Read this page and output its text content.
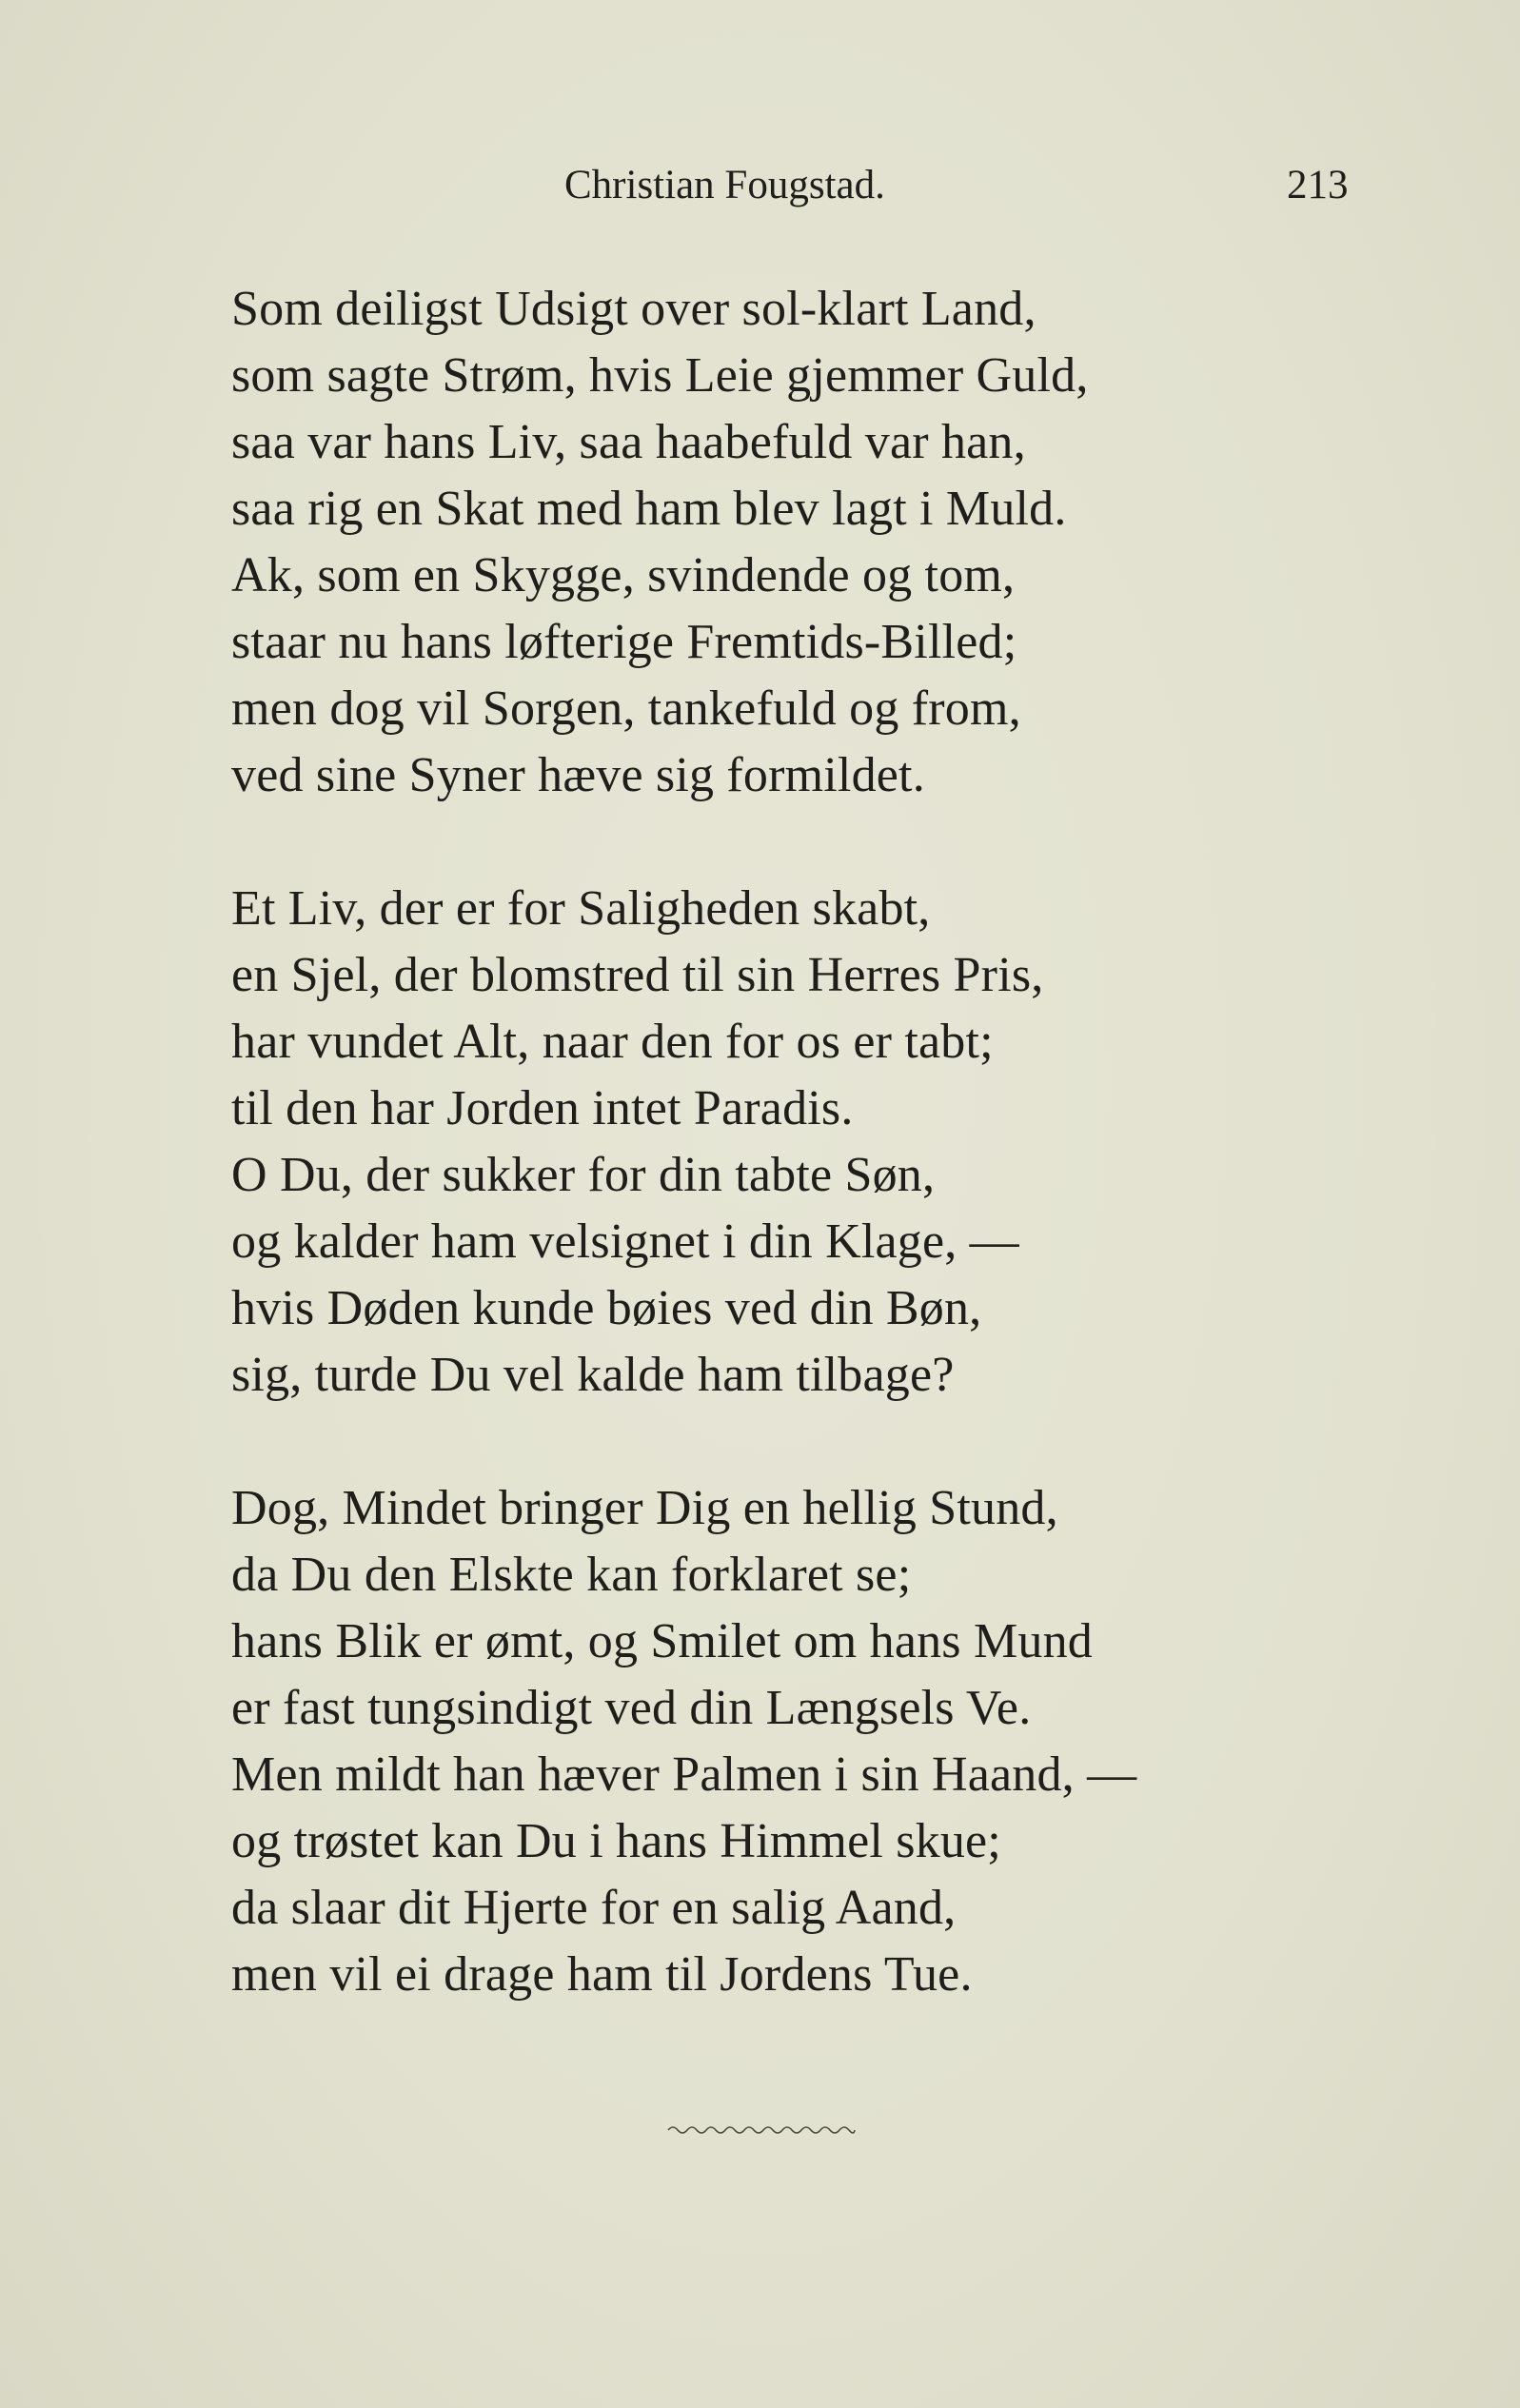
Christian Fougstad.	213
Som deiligst Udsigt over sol-klart Land,
som sagte Strøm, hvis Leie gjemmer Guld,
saa var hans Liv, saa haabefuld var han,
saa rig en Skat med ham blev lagt i Muld.
Ak, som en Skygge, svindende og tom,
staar nu hans løfterige Fremtids-Billed;
men dog vil Sorgen, tankefuld og from,
ved sine Syner hæve sig formildet.
Et Liv, der er for Saligheden skabt,
en Sjel, der blomstred til sin Herres Pris,
har vundet Alt, naar den for os er tabt;
til den har Jorden intet Paradis.
O Du, der sukker for din tabte Søn,
og kalder ham velsignet i din Klage, —
hvis Døden kunde bøies ved din Bøn,
sig, turde Du vel kalde ham tilbage?
Dog, Mindet bringer Dig en hellig Stund,
da Du den Elskte kan forklaret se;
hans Blik er ømt, og Smilet om hans Mund
er fast tungsindigt ved din Længsels Ve.
Men mildt han hæver Palmen i sin Haand, —
og trøstet kan Du i hans Himmel skue;
da slaar dit Hjerte for en salig Aand,
men vil ei drage ham til Jordens Tue.
